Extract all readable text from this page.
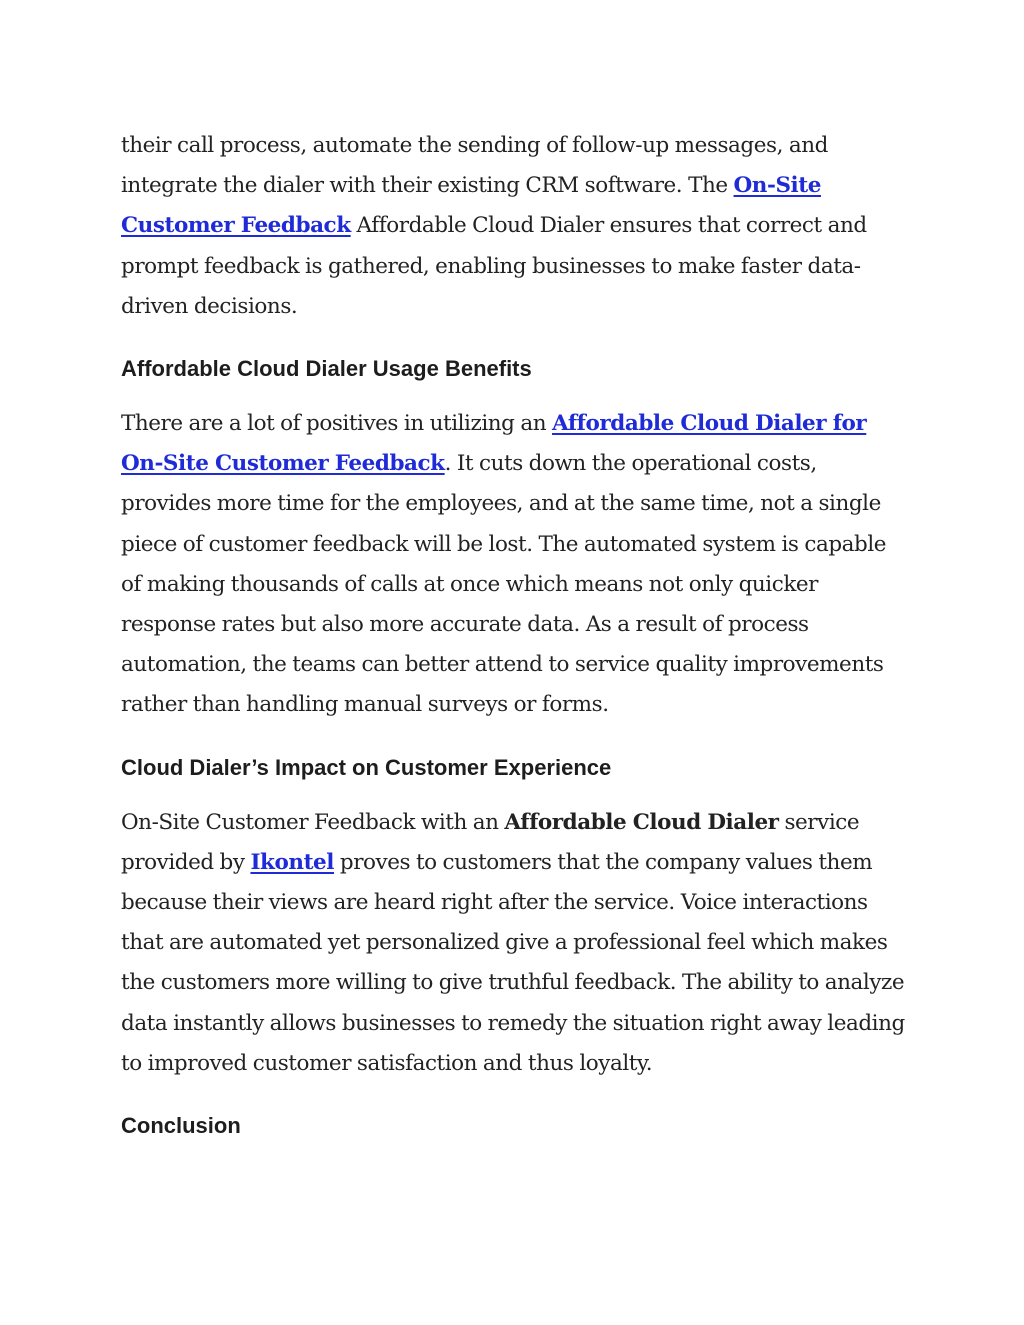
their call process, automate the sending of follow-up messages, and integrate the dialer with their existing CRM software. The On-Site Customer Feedback Affordable Cloud Dialer ensures that correct and prompt feedback is gathered, enabling businesses to make faster data-driven decisions.

Affordable Cloud Dialer Usage Benefits

There are a lot of positives in utilizing an Affordable Cloud Dialer for On-Site Customer Feedback. It cuts down the operational costs, provides more time for the employees, and at the same time, not a single piece of customer feedback will be lost. The automated system is capable of making thousands of calls at once which means not only quicker response rates but also more accurate data. As a result of process automation, the teams can better attend to service quality improvements rather than handling manual surveys or forms.

Cloud Dialer’s Impact on Customer Experience

On-Site Customer Feedback with an Affordable Cloud Dialer service provided by Ikontel proves to customers that the company values them because their views are heard right after the service. Voice interactions that are automated yet personalized give a professional feel which makes the customers more willing to give truthful feedback. The ability to analyze data instantly allows businesses to remedy the situation right away leading to improved customer satisfaction and thus loyalty.

Conclusion
